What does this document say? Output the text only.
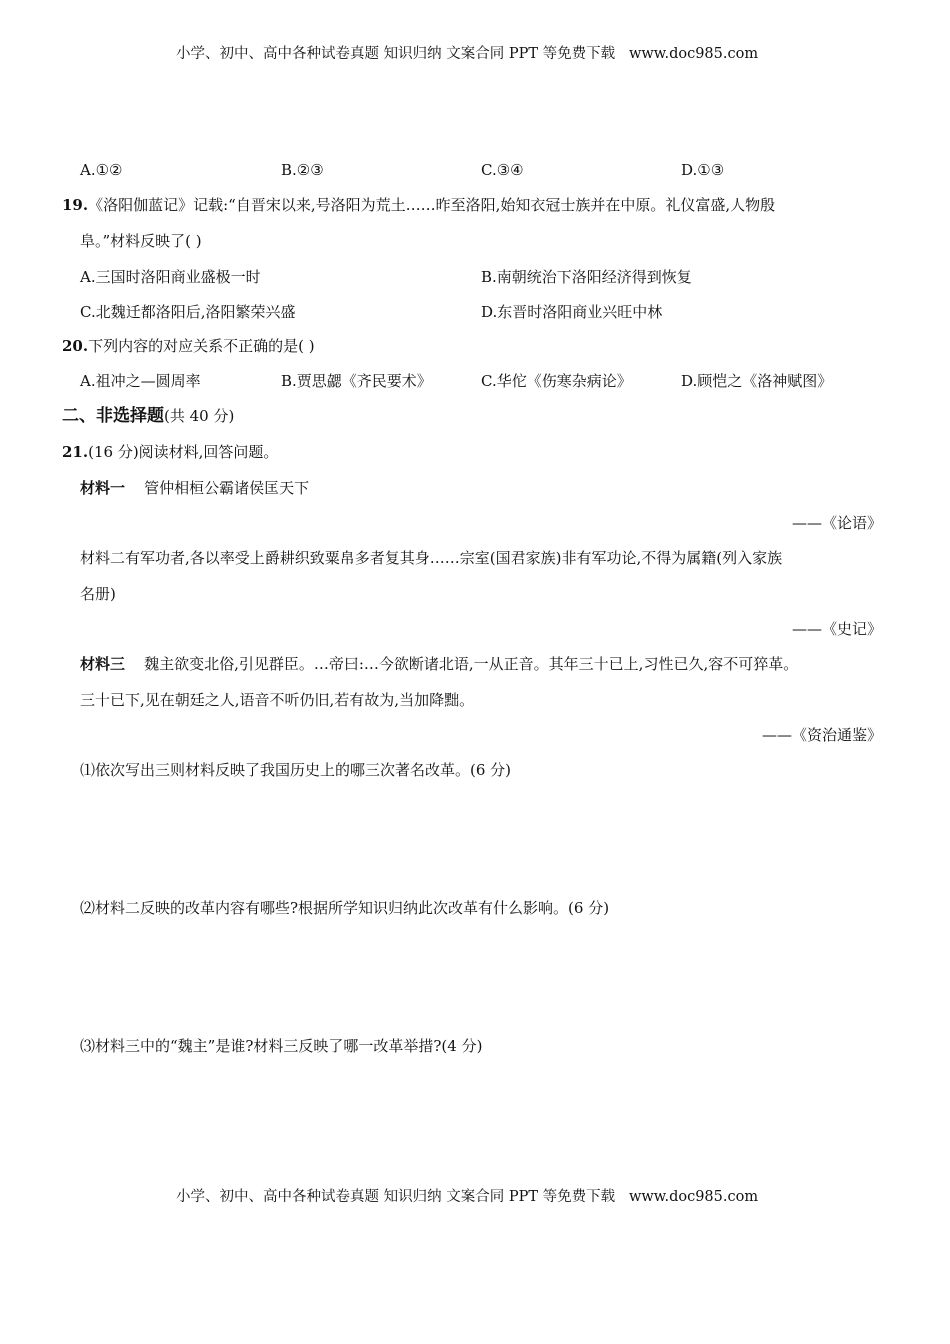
小学、初中、高中各种试卷真题 知识归纳 文案合同 PPT 等免费下载 www.doc985.com
A.①②	B.②③	C.③④	D.①③
19.《洛阳伽蓝记》记载:“自晋宋以来,号洛阳为荒土……昨至洛阳,始知衣冠士族并在中原。礼仪富盛,人物殷
阜。”材料反映了( )
A.三国时洛阳商业盛极一时	B.南朝统治下洛阳经济得到恢复
C.北魏迁都洛阳后,洛阳繁荣兴盛	D.东晋时洛阳商业兴旺中林
20.下列内容的对应关系不正确的是( )
A.祖冲之—圆周率	B.贾思勰《齐民要术》	C.华佗《伤寒杂病论》	D.顾恺之《洛神赋图》
二、非选择题(共 40 分)
21.(16 分)阅读材料,回答问题。
材料一 管仲相桓公霸诸侯匡天下
——《论语》
材料二有军功者,各以率受上爵耕织致粟帛多者复其身……宗室(国君家族)非有军功论,不得为属籍(列入家族
名册)
——《史记》
材料三 魏主欲变北俗,引见群臣。…帝曰:…今欲断诸北语,一从正音。其年三十已上,习性已久,容不可猝革。
三十已下,见在朝廷之人,语音不听仍旧,若有故为,当加降黜。
——《资治通鉴》
⑴依次写出三则材料反映了我国历史上的哪三次著名改革。(6 分)
⑵材料二反映的改革内容有哪些?根据所学知识归纳此次改革有什么影响。(6 分)
⑶材料三中的“魏主”是谁?材料三反映了哪一改革举措?(4 分)
小学、初中、高中各种试卷真题 知识归纳 文案合同 PPT 等免费下载 www.doc985.com
